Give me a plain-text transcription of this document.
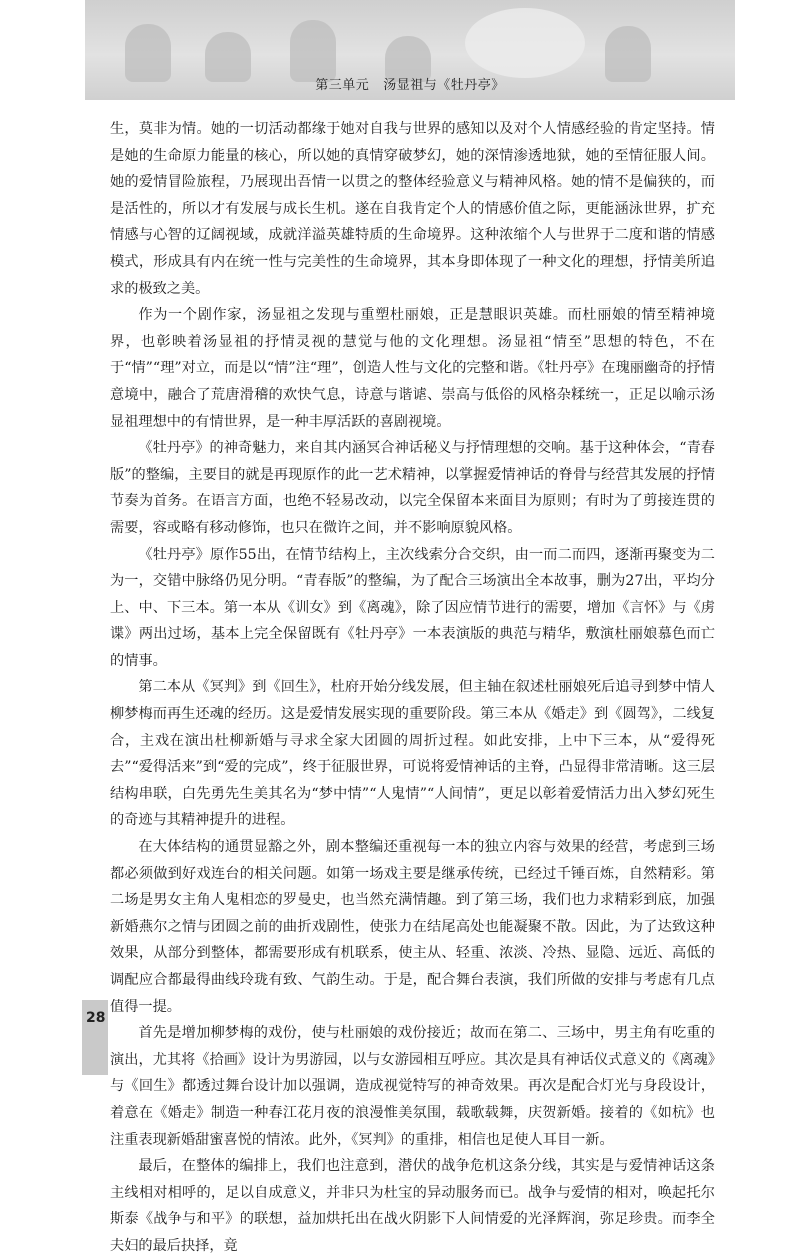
第三单元 汤显祖与《牡丹亭》

生，莫非为情。她的一切活动都缘于她对自我与世界的感知以及对个人情感经验的肯定坚持。情是她的生命原力能量的核心，所以她的真情穿破梦幻，她的深情渗透地狱，她的至情征服人间。她的爱情冒险旅程，乃展现出吾情一以贯之的整体经验意义与精神风格。她的情不是偏狭的，而是活性的，所以才有发展与成长生机。遂在自我肯定个人的情感价值之际，更能涵泳世界，扩充情感与心智的辽阔视域，成就洋溢英雄特质的生命境界。这种浓缩个人与世界于二度和谐的情感模式，形成具有内在统一性与完美性的生命境界，其本身即体现了一种文化的理想，抒情美所追求的极致之美。

作为一个剧作家，汤显祖之发现与重塑杜丽娘，正是慧眼识英雄。而杜丽娘的情至精神境界，也彰映着汤显祖的抒情灵视的慧觉与他的文化理想。汤显祖“情至”思想的特色，不在于“情”“理”对立，而是以“情”注“理”，创造人性与文化的完整和谐。《牡丹亭》在瑰丽幽奇的抒情意境中，融合了荒唐滑稽的欢快气息，诗意与谐谑、崇高与低俗的风格杂糅统一，正足以喻示汤显祖理想中的有情世界，是一种丰厚活跃的喜剧视境。

《牡丹亭》的神奇魅力，来自其内涵冥合神话秘义与抒情理想的交响。基于这种体会，“青春版”的整编，主要目的就是再现原作的此一艺术精神，以掌握爱情神话的脊骨与经营其发展的抒情节奏为首务。在语言方面，也绝不轻易改动，以完全保留本来面目为原则；有时为了剪接连贯的需要，容或略有移动修饰，也只在微许之间，并不影响原貌风格。

《牡丹亭》原作55出，在情节结构上，主次线索分合交织，由一而二而四，逐渐再聚变为二为一，交错中脉络仍见分明。“青春版”的整编，为了配合三场演出全本故事，删为27出，平均分上、中、下三本。第一本从《训女》到《离魂》，除了因应情节进行的需要，增加《言怀》与《虏谍》两出过场，基本上完全保留既有《牡丹亭》一本表演版的典范与精华，敷演杜丽娘慕色而亡的情事。

第二本从《冥判》到《回生》，杜府开始分线发展，但主轴在叙述杜丽娘死后追寻到梦中情人柳梦梅而再生还魂的经历。这是爱情发展实现的重要阶段。第三本从《婚走》到《圆驾》，二线复合，主戏在演出杜柳新婚与寻求全家大团圆的周折过程。如此安排，上中下三本，从“爱得死去”“爱得活来”到“爱的完成”，终于征服世界，可说将爱情神话的主脊，凸显得非常清晰。这三层结构串联，白先勇先生美其名为“梦中情”“人鬼情”“人间情”，更足以彰着爱情活力出入梦幻死生的奇迹与其精神提升的进程。

在大体结构的通贯显豁之外，剧本整编还重视每一本的独立内容与效果的经营，考虑到三场都必须做到好戏连台的相关问题。如第一场戏主要是继承传统，已经过千锤百炼，自然精彩。第二场是男女主角人鬼相恋的罗曼史，也当然充满情趣。到了第三场，我们也力求精彩到底，加强新婚燕尔之情与团圆之前的曲折戏剧性，使张力在结尾高处也能凝聚不散。因此，为了达致这种效果，从部分到整体，都需要形成有机联系，使主从、轻重、浓淡、冷热、显隐、远近、高低的调配应合都最得曲线玲珑有致、气韵生动。于是，配合舞台表演，我们所做的安排与考虑有几点值得一提。

首先是增加柳梦梅的戏份，使与杜丽娘的戏份接近；故而在第二、三场中，男主角有吃重的演出，尤其将《拾画》设计为男游园，以与女游园相互呼应。其次是具有神话仪式意义的《离魂》与《回生》都透过舞台设计加以强调，造成视觉特写的神奇效果。再次是配合灯光与身段设计，着意在《婚走》制造一种春江花月夜的浪漫惟美氛围，载歌载舞，庆贺新婚。接着的《如杭》也注重表现新婚甜蜜喜悦的情浓。此外，《冥判》的重排，相信也足使人耳目一新。

最后，在整体的编排上，我们也注意到，潜伏的战争危机这条分线，其实是与爱情神话这条主线相对相呼的，足以自成意义，并非只为杜宝的异动服务而已。战争与爱情的相对，唤起托尔斯泰《战争与和平》的联想，益加烘托出在战火阴影下人间情爱的光泽辉润，弥足珍贵。而李全夫妇的最后抉择，竟

28
